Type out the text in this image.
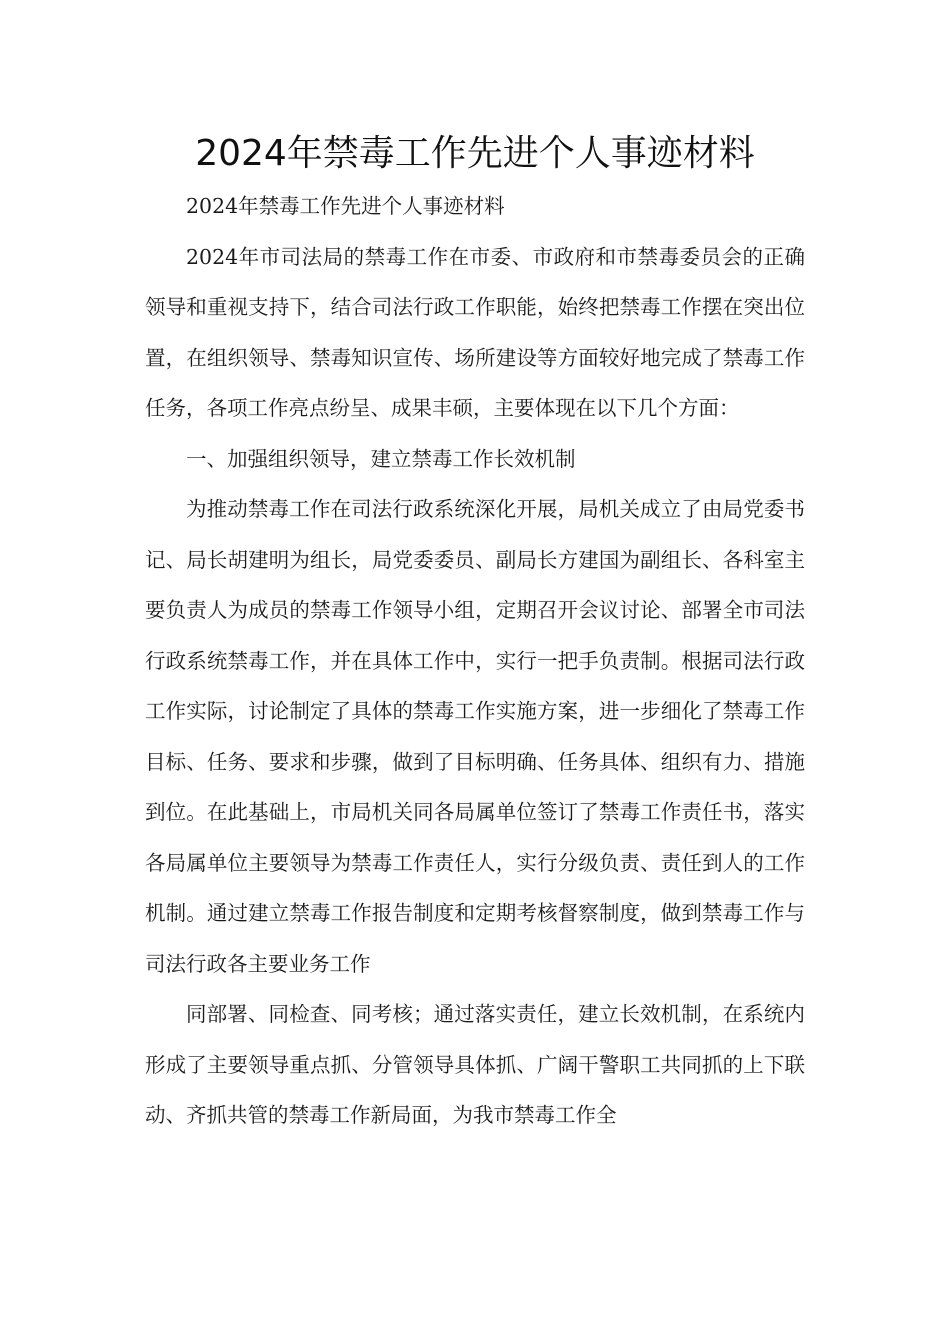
2024年禁毒工作先进个人事迹材料

2024年禁毒工作先进个人事迹材料

2024年市司法局的禁毒工作在市委、市政府和市禁毒委员会的正确领导和重视支持下，结合司法行政工作职能，始终把禁毒工作摆在突出位置，在组织领导、禁毒知识宣传、场所建设等方面较好地完成了禁毒工作任务，各项工作亮点纷呈、成果丰硕，主要体现在以下几个方面：

一、加强组织领导，建立禁毒工作长效机制

为推动禁毒工作在司法行政系统深化开展，局机关成立了由局党委书记、局长胡建明为组长，局党委委员、副局长方建国为副组长、各科室主要负责人为成员的禁毒工作领导小组，定期召开会议讨论、部署全市司法行政系统禁毒工作，并在具体工作中，实行一把手负责制。根据司法行政工作实际，讨论制定了具体的禁毒工作实施方案，进一步细化了禁毒工作目标、任务、要求和步骤，做到了目标明确、任务具体、组织有力、措施到位。在此基础上，市局机关同各局属单位签订了禁毒工作责任书，落实各局属单位主要领导为禁毒工作责任人，实行分级负责、责任到人的工作机制。通过建立禁毒工作报告制度和定期考核督察制度，做到禁毒工作与司法行政各主要业务工作

同部署、同检查、同考核；通过落实责任，建立长效机制，在系统内形成了主要领导重点抓、分管领导具体抓、广阔干警职工共同抓的上下联动、齐抓共管的禁毒工作新局面，为我市禁毒工作全
